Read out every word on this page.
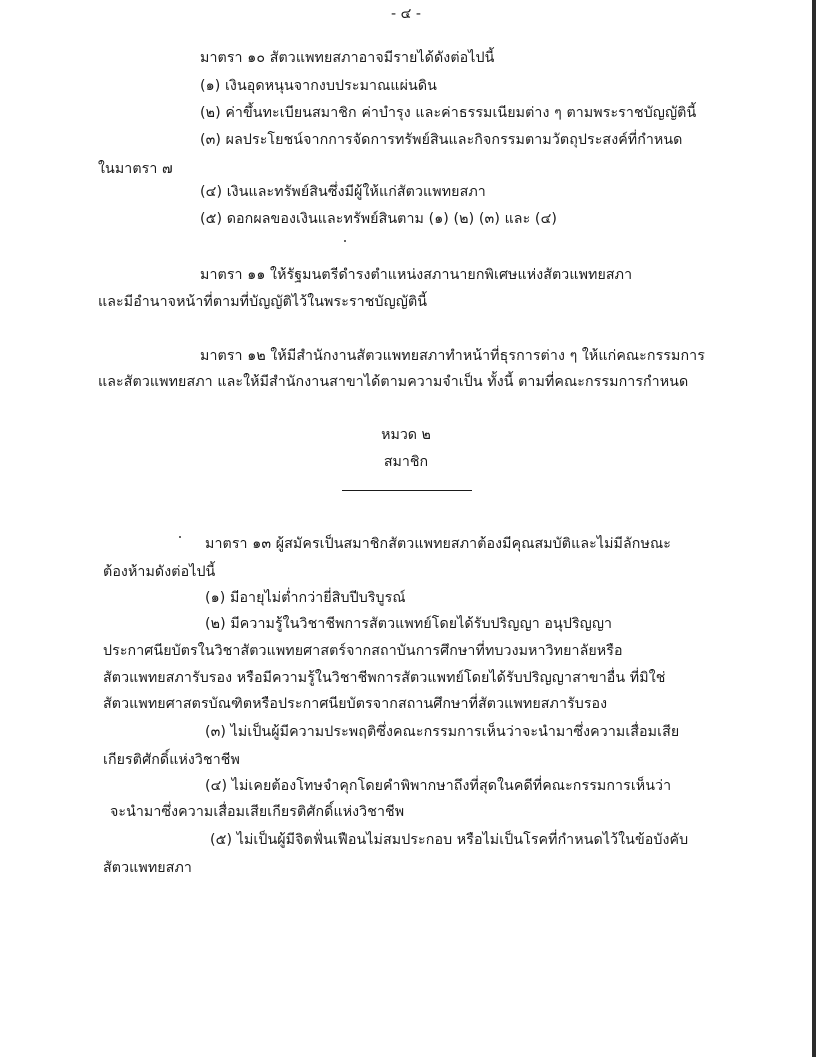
- ๔ -
มาตรา ๑๐ สัตวแพทยสภาอาจมีรายได้ดังต่อไปนี้
(๑) เงินอุดหนุนจากงบประมาณแผ่นดิน
(๒) ค่าขึ้นทะเบียนสมาชิก ค่าบำรุง และค่าธรรมเนียมต่าง ๆ ตามพระราชบัญญัตินี้
(๓) ผลประโยชน์จากการจัดการทรัพย์สินและกิจกรรมตามวัตถุประสงค์ที่กำหนด
ในมาตรา ๗
(๔) เงินและทรัพย์สินซึ่งมีผู้ให้แก่สัตวแพทยสภา
(๕) ดอกผลของเงินและทรัพย์สินตาม (๑) (๒) (๓) และ (๔)
มาตรา ๑๑ ให้รัฐมนตรีดำรงตำแหน่งสภานายกพิเศษแห่งสัตวแพทยสภา
และมีอำนาจหน้าที่ตามที่บัญญัติไว้ในพระราชบัญญัตินี้
มาตรา ๑๒ ให้มีสำนักงานสัตวแพทยสภาทำหน้าที่ธุรการต่าง ๆ ให้แก่คณะกรรมการ
และสัตวแพทยสภา และให้มีสำนักงานสาขาได้ตามความจำเป็น ทั้งนี้ ตามที่คณะกรรมการกำหนด
หมวด ๒
สมาชิก
มาตรา ๑๓ ผู้สมัครเป็นสมาชิกสัตวแพทยสภาต้องมีคุณสมบัติและไม่มีลักษณะ
ต้องห้ามดังต่อไปนี้
(๑) มีอายุไม่ต่ำกว่ายี่สิบปีบริบูรณ์
(๒) มีความรู้ในวิชาชีพการสัตวแพทย์โดยได้รับปริญญา อนุปริญญา
ประกาศนียบัตรในวิชาสัตวแพทยศาสตร์จากสถาบันการศึกษาที่ทบวงมหาวิทยาลัยหรือ
สัตวแพทยสภารับรอง หรือมีความรู้ในวิชาชีพการสัตวแพทย์โดยได้รับปริญญาสาขาอื่น ที่มิใช่
สัตวแพทยศาสตรบัณฑิตหรือประกาศนียบัตรจากสถานศึกษาที่สัตวแพทยสภารับรอง
(๓) ไม่เป็นผู้มีความประพฤติซึ่งคณะกรรมการเห็นว่าจะนำมาซึ่งความเสื่อมเสีย
เกียรติศักดิ์แห่งวิชาชีพ
(๔) ไม่เคยต้องโทษจำคุกโดยคำพิพากษาถึงที่สุดในคดีที่คณะกรรมการเห็นว่า
จะนำมาซึ่งความเสื่อมเสียเกียรติศักดิ์แห่งวิชาชีพ
(๕) ไม่เป็นผู้มีจิตฟั่นเฟือนไม่สมประกอบ หรือไม่เป็นโรคที่กำหนดไว้ในข้อบังคับ
สัตวแพทยสภา
